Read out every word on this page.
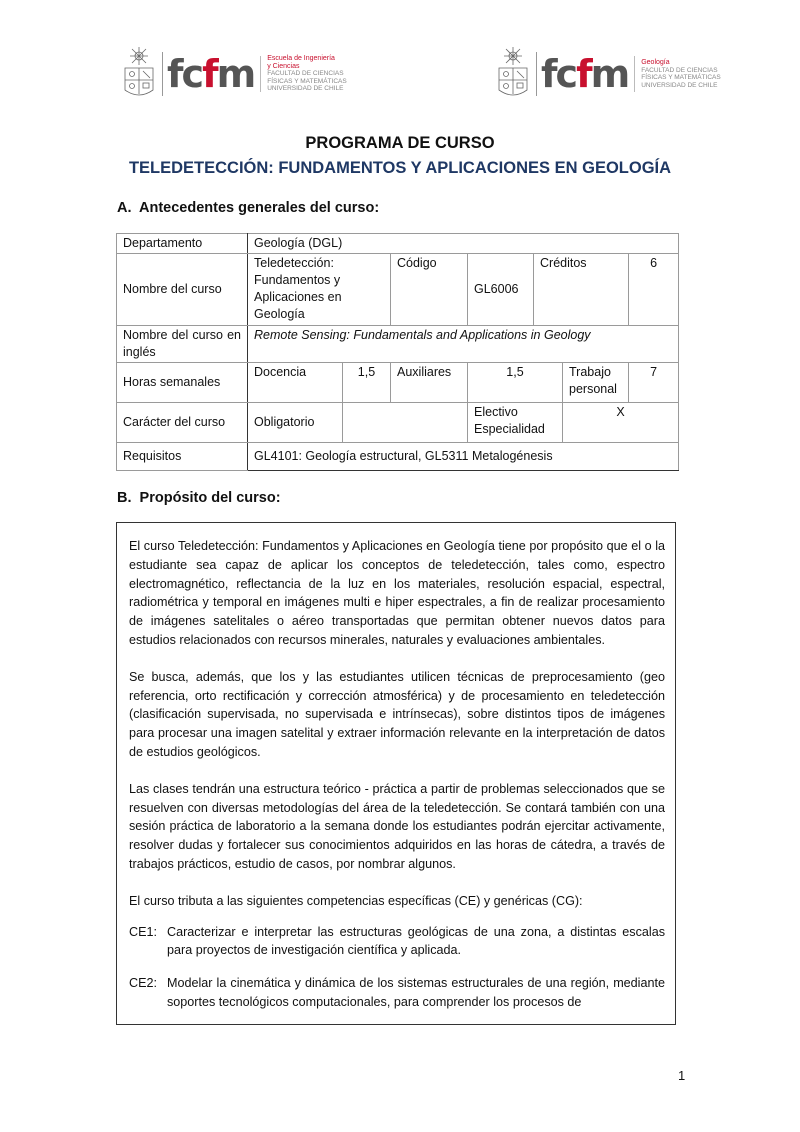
fcfm Escuela de Ingeniería
y Ciencias
FACULTAD DE CIENCIAS
FÍSICAS Y MATEMÁTICAS
UNIVERSIDAD DE CHILE	fcfm Geología
FACULTAD DE CIENCIAS
FÍSICAS Y MATEMÁTICAS
UNIVERSIDAD DE CHILE
PROGRAMA DE CURSO
TELEDETECCIÓN: FUNDAMENTOS Y APLICACIONES EN GEOLOGÍA
A.  Antecedentes generales del curso:
Departamento	Geología (DGL)						
Nombre del curso	Teledetección: Fundamentos y Aplicaciones en Geología		Código	GL6006	Créditos		6
Nombre del curso en inglés	Remote Sensing: Fundamentals and Applications in Geology						
Horas semanales	Docencia	1,5	Auxiliares	1,5		Trabajo personal	7
Carácter del curso	Obligatorio			Electivo Especialidad		X	
Requisitos	GL4101: Geología estructural, GL5311 Metalogénesis						
B.  Propósito del curso:

El curso Teledetección: Fundamentos y Aplicaciones en Geología tiene por propósito que el o la estudiante sea capaz de aplicar los conceptos de teledetección, tales como, espectro electromagnético, reflectancia de la luz en los materiales, resolución espacial, espectral, radiométrica y temporal en imágenes multi e hiper espectrales, a fin de realizar procesamiento de imágenes satelitales o aéreo transportadas que permitan obtener nuevos datos para estudios relacionados con recursos minerales, naturales y evaluaciones ambientales.

Se busca, además, que los y las estudiantes utilicen técnicas de preprocesamiento (geo referencia, orto rectificación y corrección atmosférica) y de procesamiento en teledetección (clasificación supervisada, no supervisada e intrínsecas), sobre distintos tipos de imágenes para procesar una imagen satelital y extraer información relevante en la interpretación de datos de estudios geológicos.

Las clases tendrán una estructura teórico - práctica a partir de problemas seleccionados que se resuelven con diversas metodologías del área de la teledetección. Se contará también con una sesión práctica de laboratorio a la semana donde los estudiantes podrán ejercitar activamente, resolver dudas y fortalecer sus conocimientos adquiridos en las horas de cátedra, a través de trabajos prácticos, estudio de casos, por nombrar algunos.

El curso tributa a las siguientes competencias específicas (CE) y genéricas (CG):

CE1: Caracterizar e interpretar las estructuras geológicas de una zona, a distintas escalas para proyectos de investigación científica y aplicada.
CE2: Modelar la cinemática y dinámica de los sistemas estructurales de una región, mediante soportes tecnológicos computacionales, para comprender los procesos de
1
